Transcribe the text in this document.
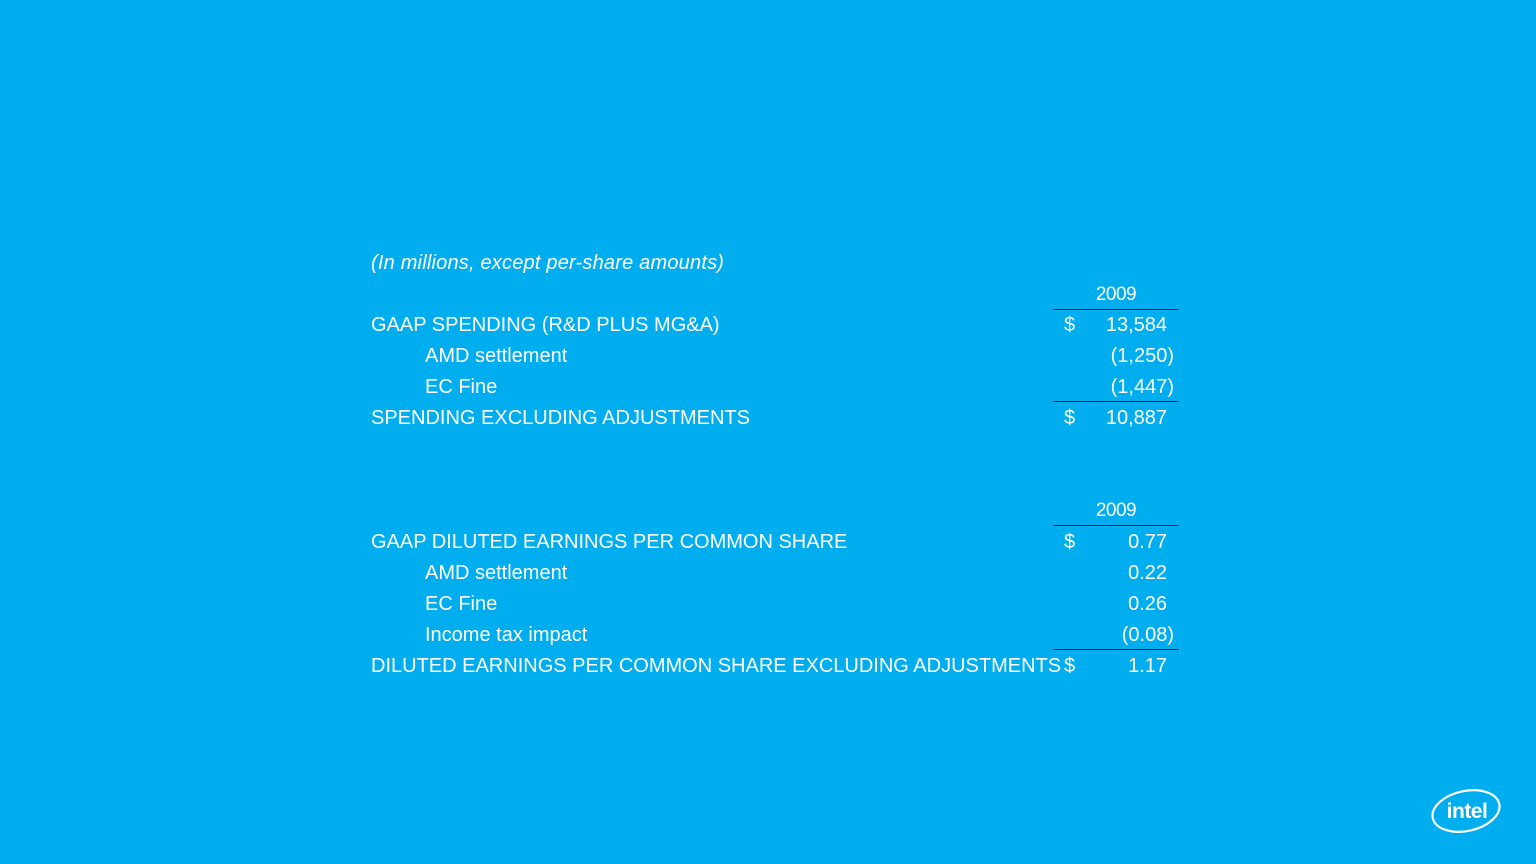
(In millions, except per-share amounts)
2009
GAAP SPENDING (R&D PLUS MG&A)	$ 13,584
AMD settlement	(1,250)
EC Fine	(1,447)
SPENDING EXCLUDING ADJUSTMENTS	$ 10,887
2009
GAAP DILUTED EARNINGS PER COMMON SHARE	$	0.77
AMD settlement	0.22
EC Fine	0.26
Income tax impact	(0.08)
DILUTED EARNINGS PER COMMON SHARE EXCLUDING ADJUSTMENTS $	1.17
intel
